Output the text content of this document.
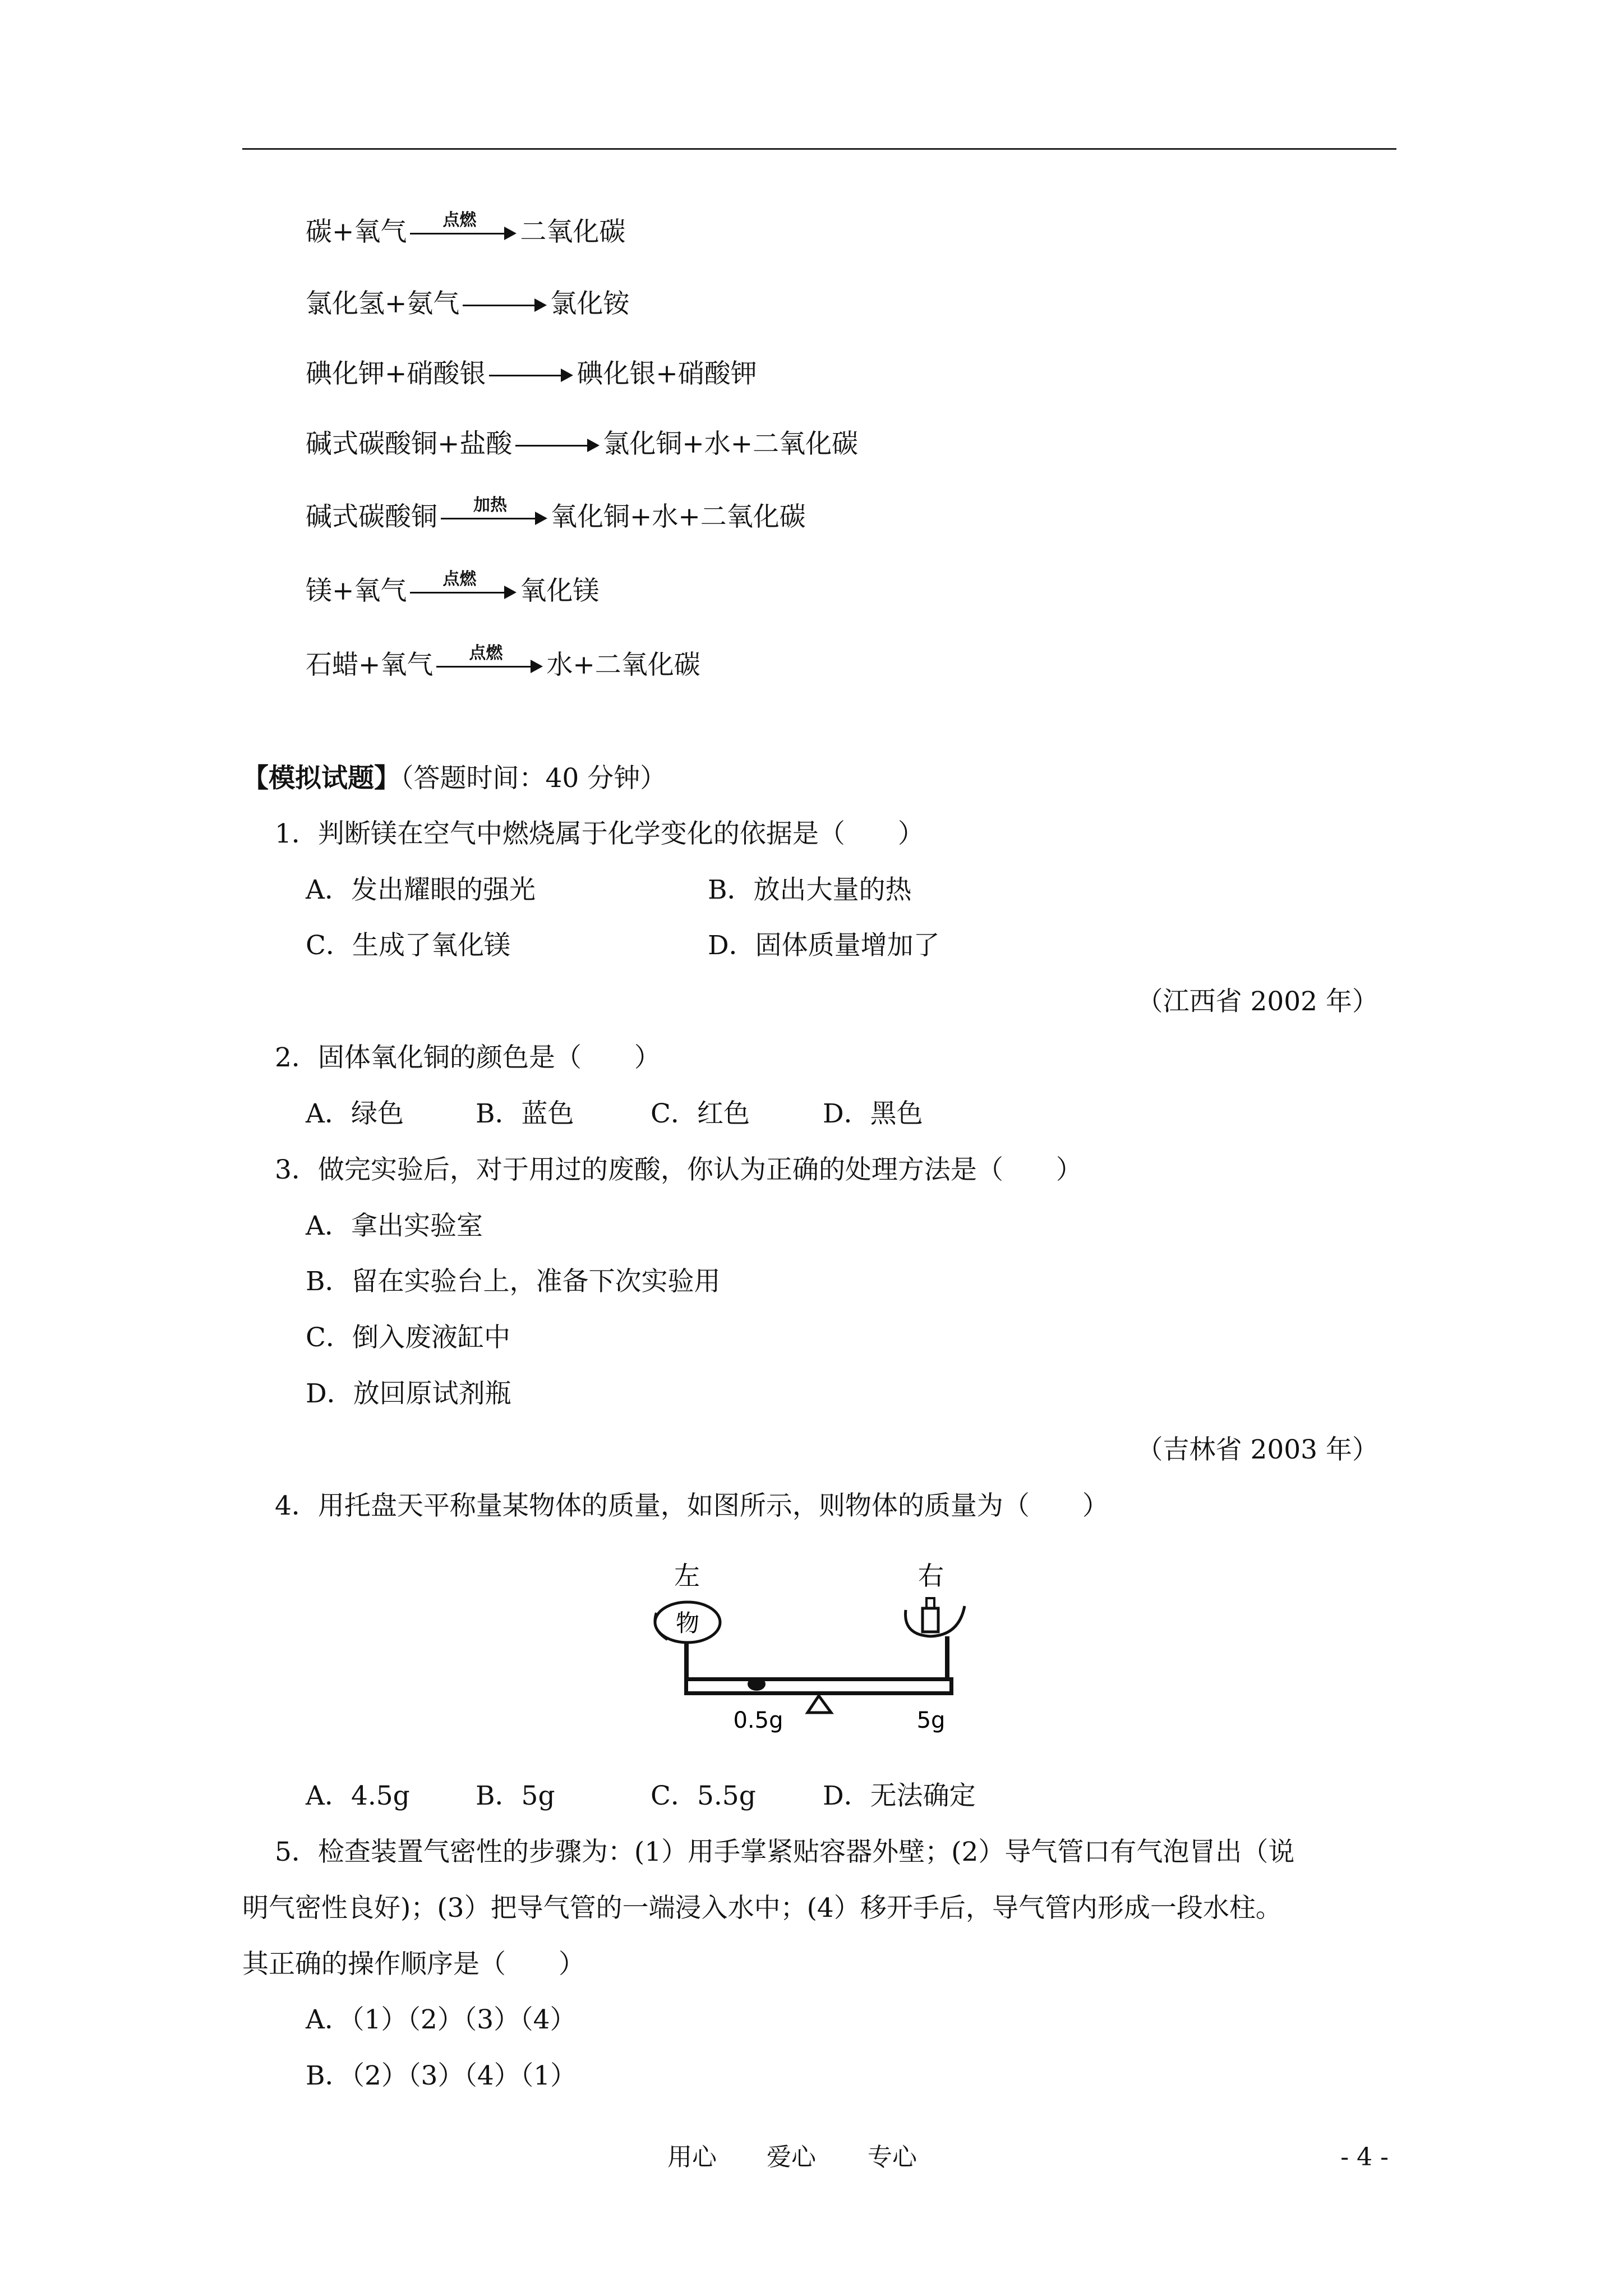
碳+氧气	点燃	二氧化碳
氯化氢+氨气	氯化铵
碘化钾+硝酸银	碘化银+硝酸钾
碱式碳酸铜+盐酸	氯化铜+水+二氧化碳
碱式碳酸铜	加热	氧化铜+水+二氧化碳
镁+氧气	点燃	氧化镁
石蜡+氧气	点燃	水+二氧化碳
【模拟试题】（答题时间：40 分钟）
1．判断镁在空气中燃烧属于化学变化的依据是（　　）
A．发出耀眼的强光	B．放出大量的热
C．生成了氧化镁	D．固体质量增加了
（江西省 2002 年）
2．固体氧化铜的颜色是（　　）
A．绿色	B．蓝色	C．红色	D．黑色
3．做完实验后，对于用过的废酸，你认为正确的处理方法是（　　）
A．拿出实验室
B．留在实验台上，准备下次实验用
C．倒入废液缸中
D．放回原试剂瓶
（吉林省 2003 年）
4．用托盘天平称量某物体的质量，如图所示，则物体的质量为（　　）
左
物
右
0.5g	5g
A．4.5g B．5g	C．5.5g	D．无法确定
5．检查装置气密性的步骤为：(1）用手掌紧贴容器外壁；(2）导气管口有气泡冒出（说
明气密性良好)；(3）把导气管的一端浸入水中；(4）移开手后，导气管内形成一段水柱。
其正确的操作顺序是（　　）
A．（1）（2）（3）（4）
B．（2）（3）（4）（1）
用心 爱心 专心	- 4 -
